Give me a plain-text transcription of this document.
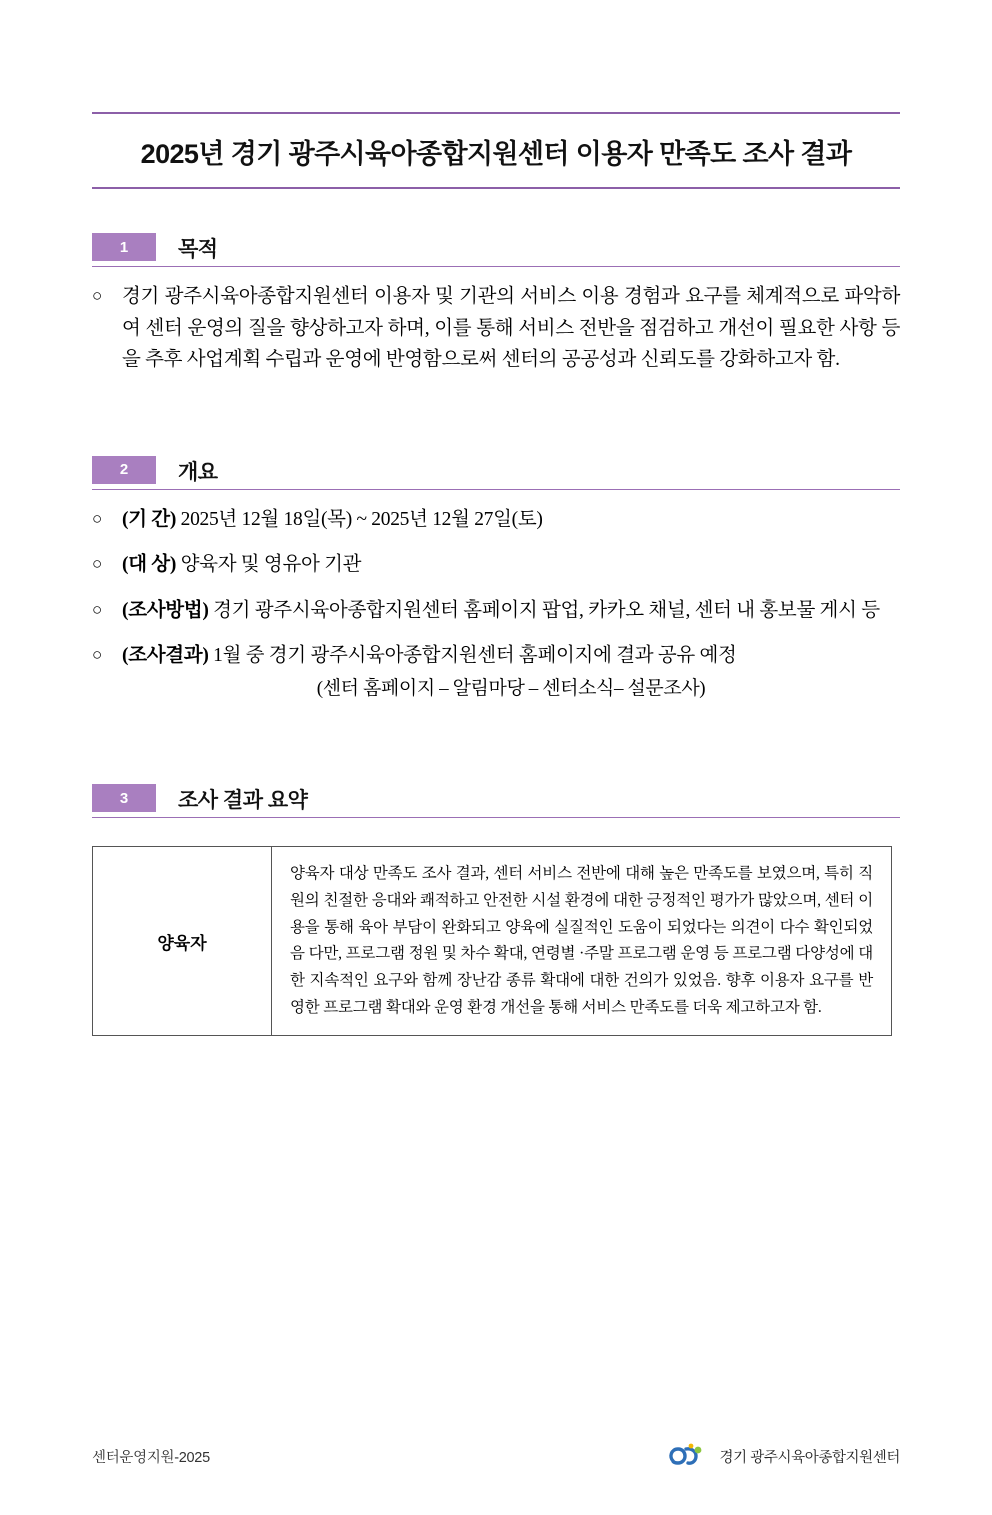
2025년 경기 광주시육아종합지원센터 이용자 만족도 조사 결과
1	목적
○	경기 광주시육아종합지원센터 이용자 및 기관의 서비스 이용 경험과 요구를 체계적으로 파악하여 센터 운영의 질을 향상하고자 하며, 이를 통해 서비스 전반을 점검하고 개선이 필요한 사항 등을 추후 사업계획 수립과 운영에 반영함으로써 센터의 공공성과 신뢰도를 강화하고자 함.
2	개요
○	(기 간) 2025년 12월 18일(목) ~ 2025년 12월 27일(토)
○	(대 상) 양육자 및 영유아 기관
○	(조사방법) 경기 광주시육아종합지원센터 홈페이지 팝업, 카카오 채널, 센터 내 홍보물 게시 등
○	(조사결과) 1월 중 경기 광주시육아종합지원센터 홈페이지에 결과 공유 예정
(센터 홈페이지 – 알림마당 – 센터소식– 설문조사)
3	조사 결과 요약
양육자	양육자 대상 만족도 조사 결과, 센터 서비스 전반에 대해 높은 만족도를 보였으며, 특히 직원의 친절한 응대와 쾌적하고 안전한 시설 환경에 대한 긍정적인 평가가 많았으며, 센터 이용을 통해 육아 부담이 완화되고 양육에 실질적인 도움이 되었다는 의견이 다수 확인되었음 다만, 프로그램 정원 및 차수 확대, 연령별 ·주말 프로그램 운영 등 프로그램 다양성에 대한 지속적인 요구와 함께 장난감 종류 확대에 대한 건의가 있었음. 향후 이용자 요구를 반영한 프로그램 확대와 운영 환경 개선을 통해 서비스 만족도를 더욱 제고하고자 함.
센터운영지원-2025	경기 광주시육아종합지원센터
